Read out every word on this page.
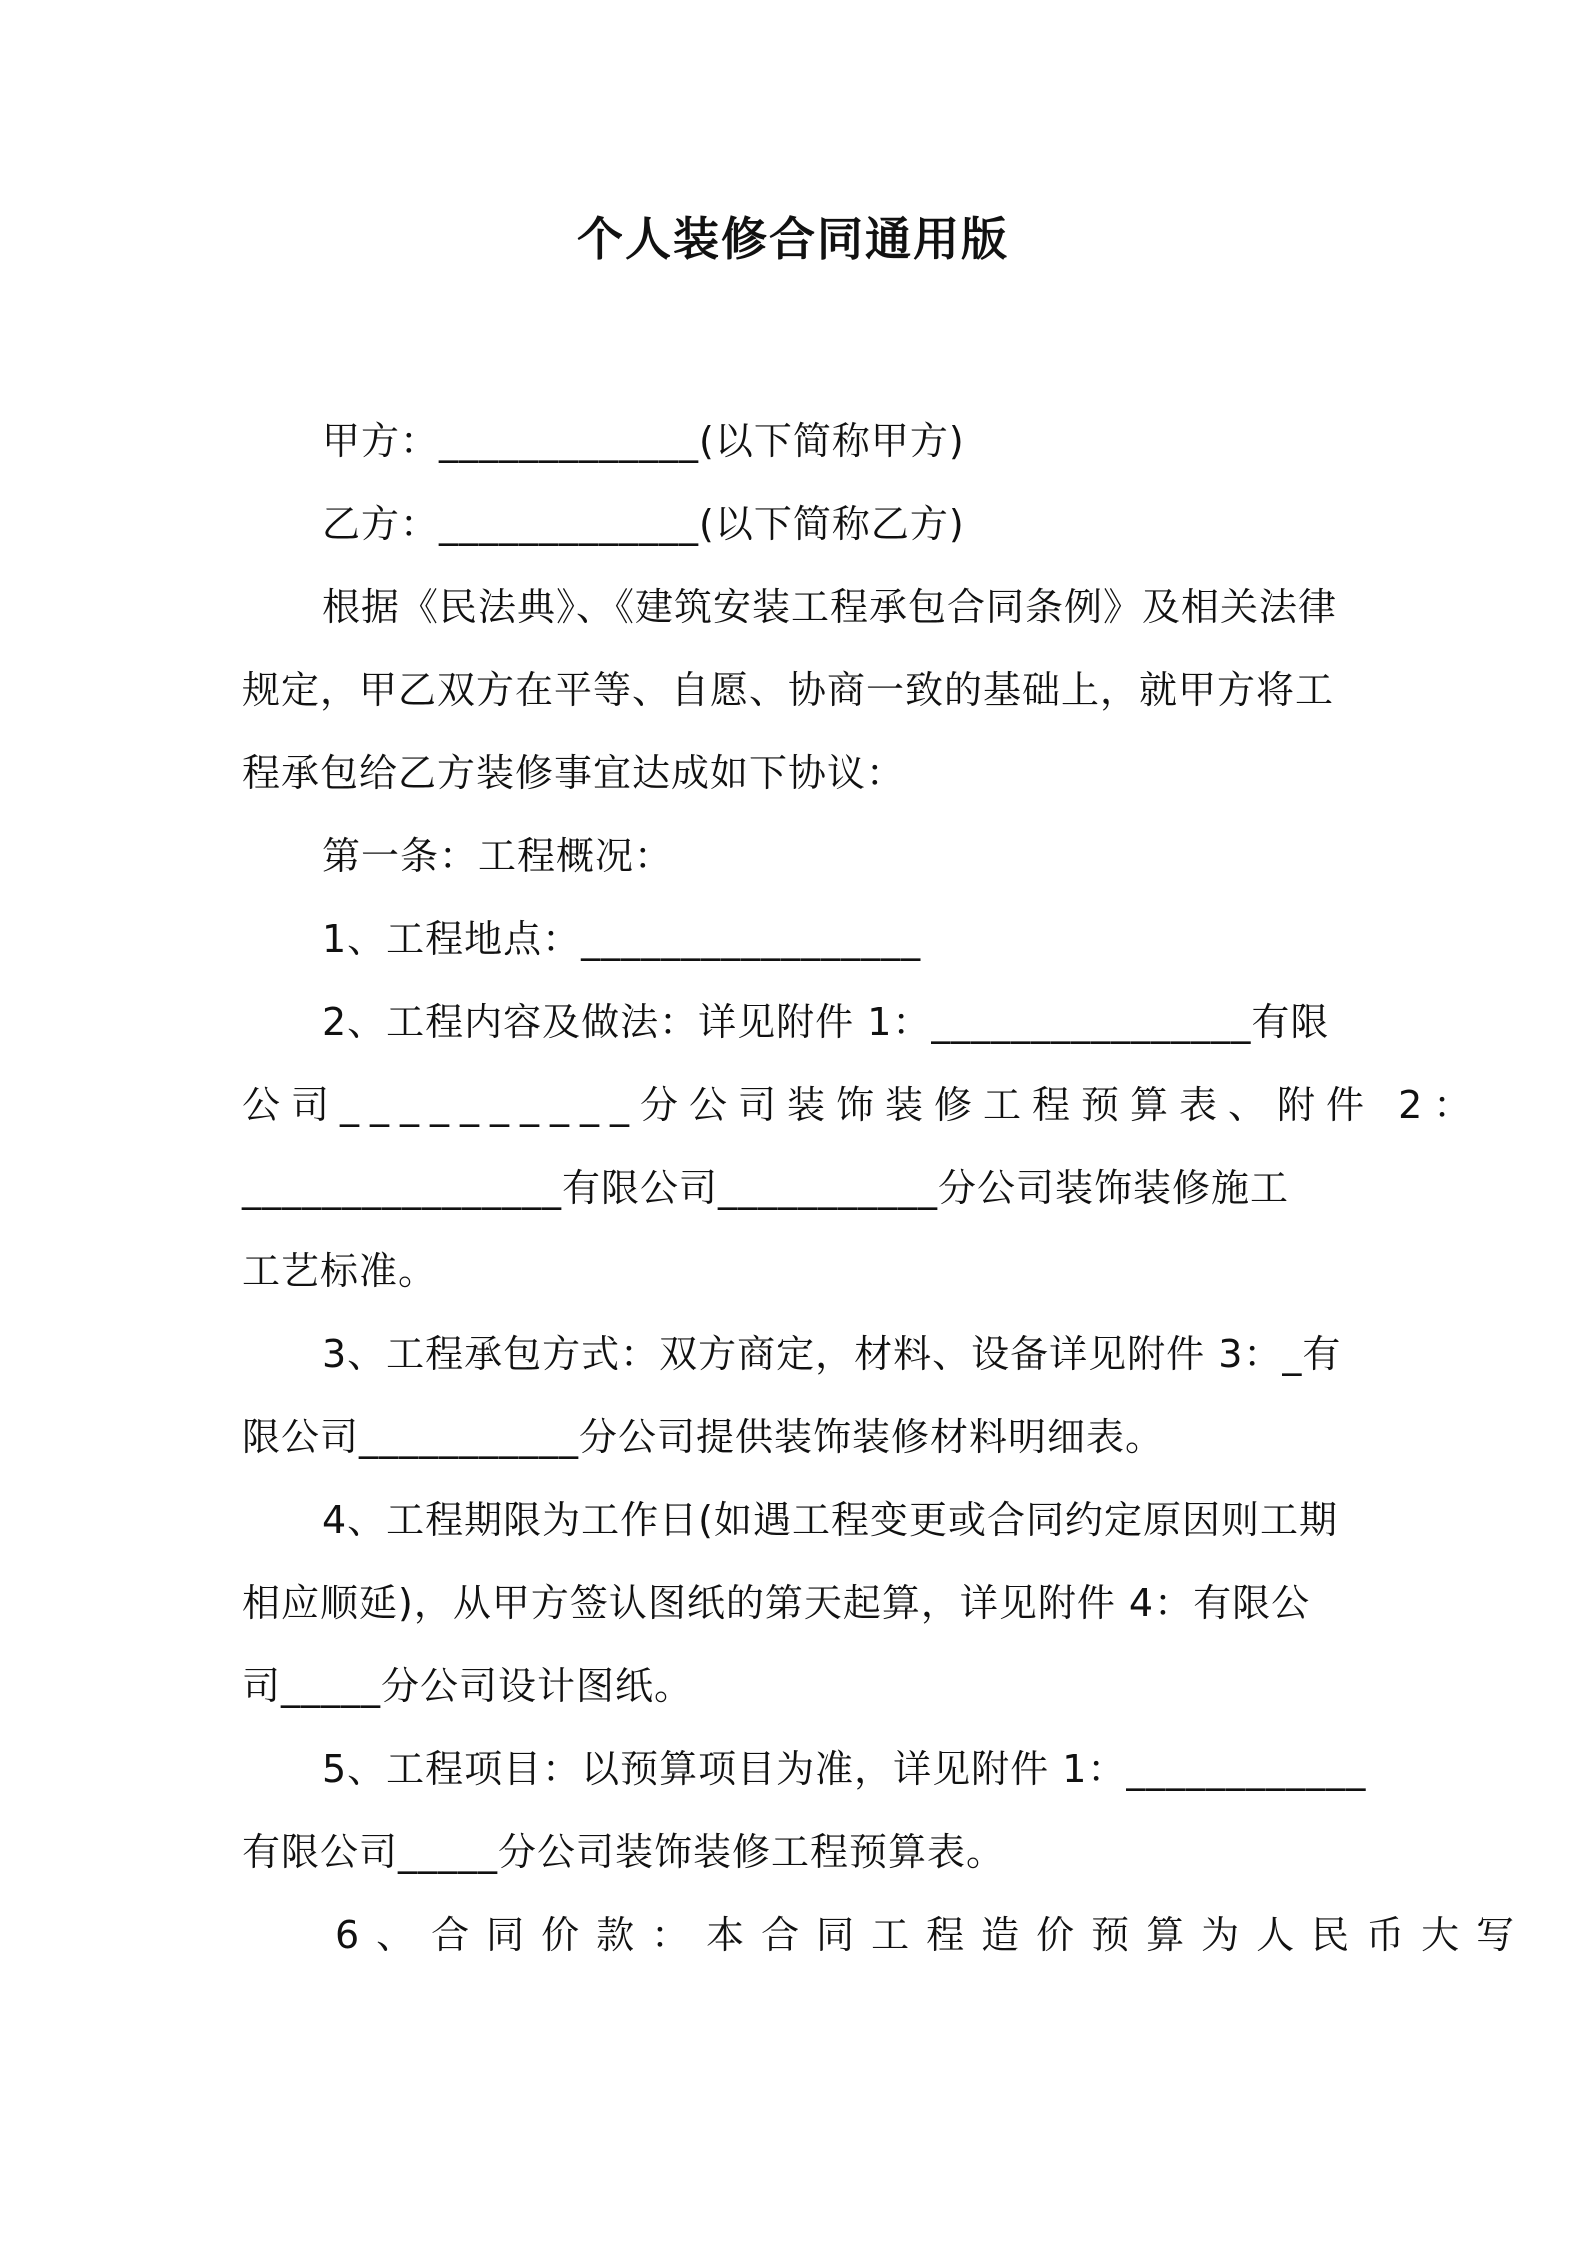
个人装修合同通用版
甲方：_____________(以下简称甲方)
乙方：_____________(以下简称乙方)
根据《民法典》、《建筑安装工程承包合同条例》及相关法律
规定，甲乙双方在平等、自愿、协商一致的基础上，就甲方将工
程承包给乙方装修事宜达成如下协议：
第一条：工程概况：
1、工程地点：_________________
2、工程内容及做法：详见附件 1：________________有限
公司__________分公司装饰装修工程预算表、附件 2：
________________有限公司___________分公司装饰装修施工
工艺标准。
3、工程承包方式：双方商定，材料、设备详见附件 3：_有
限公司___________分公司提供装饰装修材料明细表。
4、工程期限为工作日(如遇工程变更或合同约定原因则工期
相应顺延)，从甲方签认图纸的第天起算，详见附件 4：有限公
司_____分公司设计图纸。
5、工程项目：以预算项目为准，详见附件 1：____________
有限公司_____分公司装饰装修工程预算表。
6、合同价款：本合同工程造价预算为人民币大写
